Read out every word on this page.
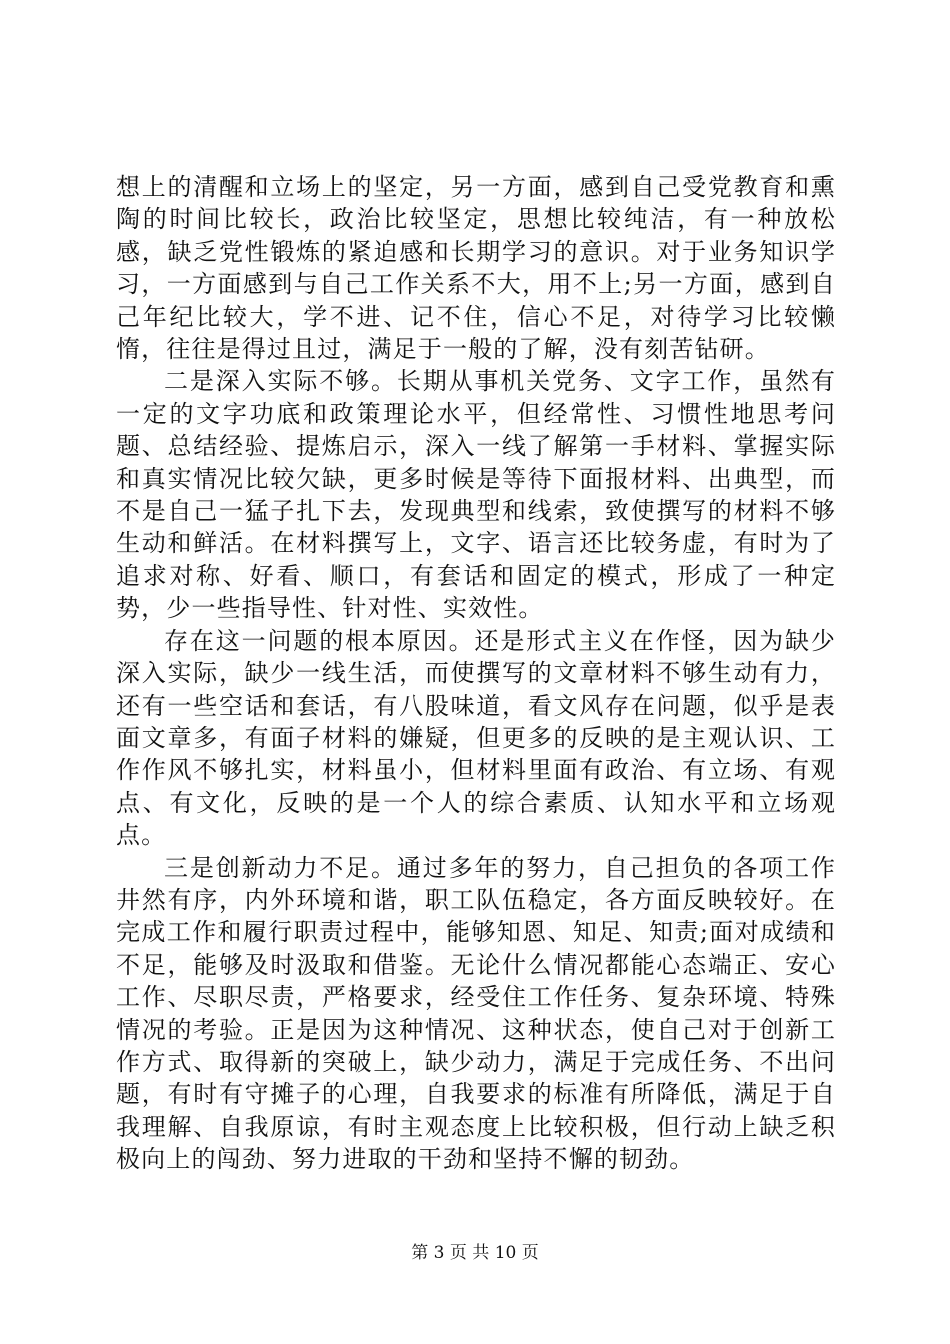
想上的清醒和立场上的坚定，另一方面，感到自己受党教育和熏陶的时间比较长，政治比较坚定，思想比较纯洁，有一种放松感，缺乏党性锻炼的紧迫感和长期学习的意识。对于业务知识学习，一方面感到与自己工作关系不大，用不上;另一方面，感到自己年纪比较大，学不进、记不住，信心不足，对待学习比较懒惰，往往是得过且过，满足于一般的了解，没有刻苦钻研。

二是深入实际不够。长期从事机关党务、文字工作，虽然有一定的文字功底和政策理论水平，但经常性、习惯性地思考问题、总结经验、提炼启示，深入一线了解第一手材料、掌握实际和真实情况比较欠缺，更多时候是等待下面报材料、出典型，而不是自己一猛子扎下去，发现典型和线索，致使撰写的材料不够生动和鲜活。在材料撰写上，文字、语言还比较务虚，有时为了追求对称、好看、顺口，有套话和固定的模式，形成了一种定势，少一些指导性、针对性、实效性。

存在这一问题的根本原因。还是形式主义在作怪，因为缺少深入实际，缺少一线生活，而使撰写的文章材料不够生动有力，还有一些空话和套话，有八股味道，看文风存在问题，似乎是表面文章多，有面子材料的嫌疑，但更多的反映的是主观认识、工作作风不够扎实，材料虽小，但材料里面有政治、有立场、有观点、有文化，反映的是一个人的综合素质、认知水平和立场观点。

三是创新动力不足。通过多年的努力，自己担负的各项工作井然有序，内外环境和谐，职工队伍稳定，各方面反映较好。在完成工作和履行职责过程中，能够知恩、知足、知责;面对成绩和不足，能够及时汲取和借鉴。无论什么情况都能心态端正、安心工作、尽职尽责，严格要求，经受住工作任务、复杂环境、特殊情况的考验。正是因为这种情况、这种状态，使自己对于创新工作方式、取得新的突破上，缺少动力，满足于完成任务、不出问题，有时有守摊子的心理，自我要求的标准有所降低，满足于自我理解、自我原谅，有时主观态度上比较积极，但行动上缺乏积极向上的闯劲、努力进取的干劲和坚持不懈的韧劲。

第 3 页 共 10 页
